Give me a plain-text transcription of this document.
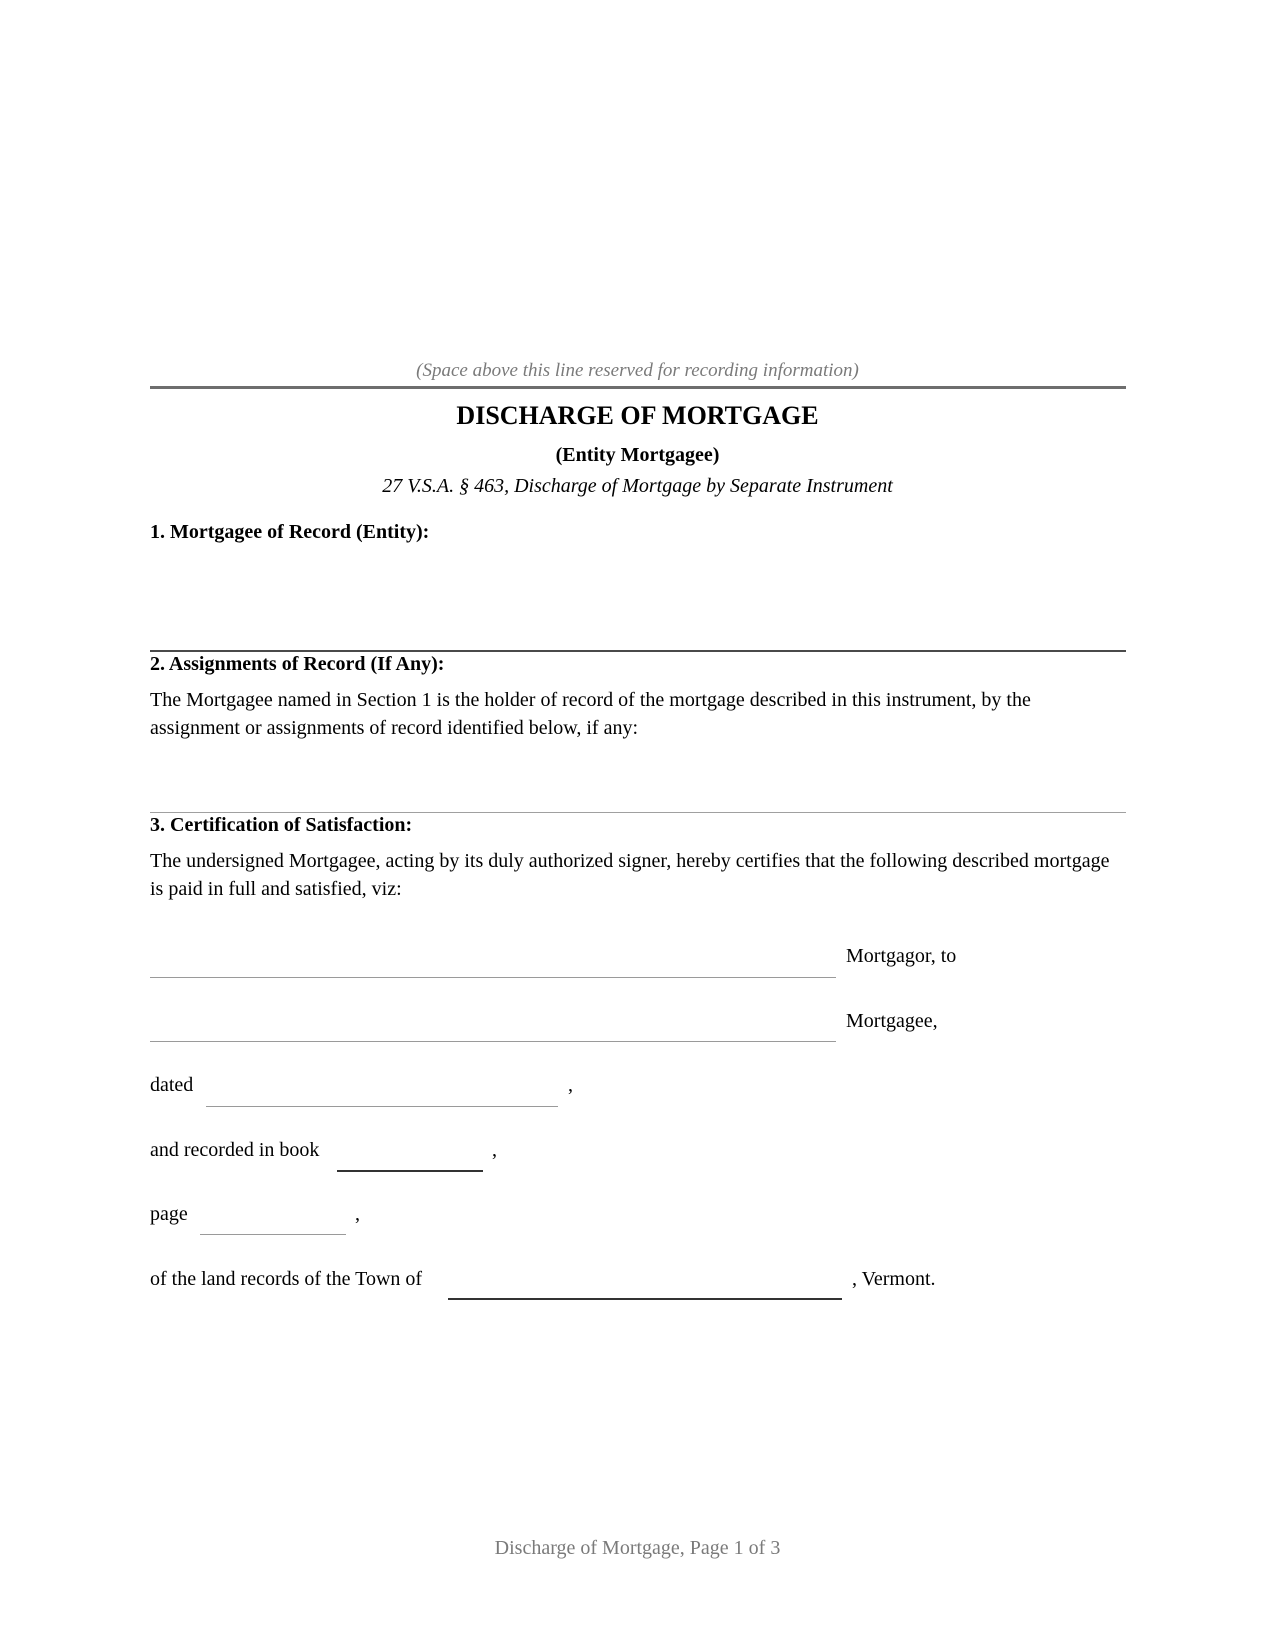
(Space above this line reserved for recording information)
DISCHARGE OF MORTGAGE
(Entity Mortgagee)
27 V.S.A. § 463, Discharge of Mortgage by Separate Instrument
1. Mortgagee of Record (Entity):
2. Assignments of Record (If Any):
The Mortgagee named in Section 1 is the holder of record of the mortgage described in this instrument, by the assignment or assignments of record identified below, if any:
3. Certification of Satisfaction:
The undersigned Mortgagee, acting by its duly authorized signer, hereby certifies that the following described mortgage is paid in full and satisfied, viz:
Mortgagor, to
Mortgagee,
dated	,
and recorded in book	,
page	,
of the land records of the Town of	, Vermont.
Discharge of Mortgage, Page 1 of 3
